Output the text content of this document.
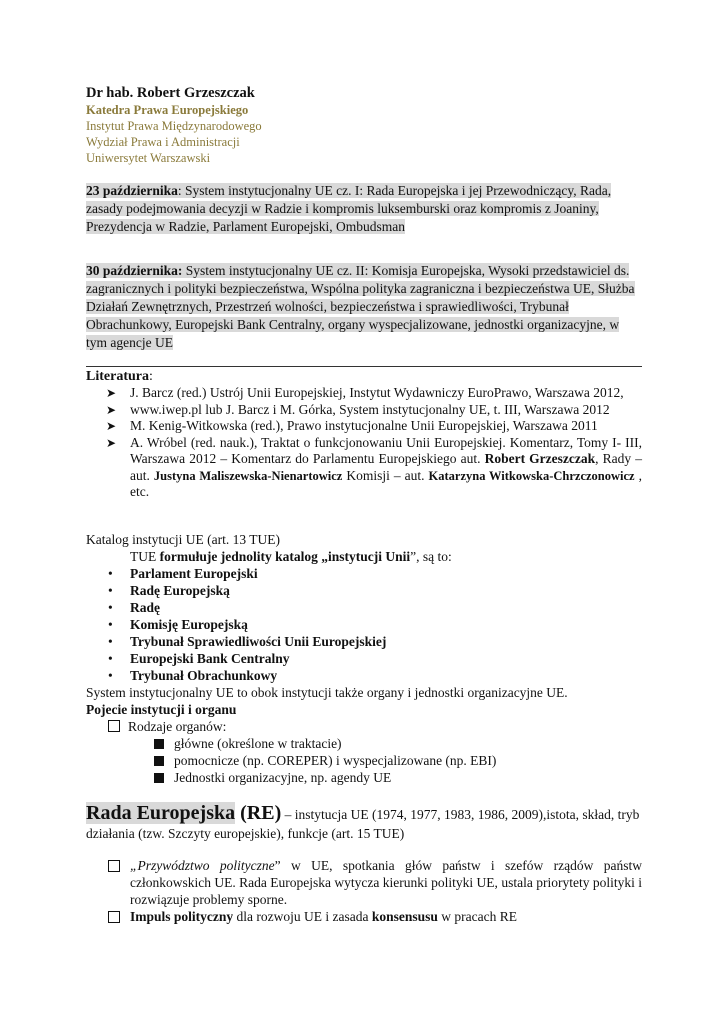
Dr hab. Robert Grzeszczak
Katedra Prawa Europejskiego
Instytut Prawa Międzynarodowego
Wydział Prawa i Administracji
Uniwersytet Warszawski
23 października: System instytucjonalny UE cz. I: Rada Europejska i jej Przewodniczący, Rada, zasady podejmowania decyzji w Radzie i kompromis luksemburski oraz kompromis z Joaniny, Prezydencja w Radzie, Parlament Europejski, Ombudsman
30 października: System instytucjonalny UE cz. II: Komisja Europejska, Wysoki przedstawiciel ds. zagranicznych i polityki bezpieczeństwa, Wspólna polityka zagraniczna i bezpieczeństwa UE, Służba Działań Zewnętrznych, Przestrzeń wolności, bezpieczeństwa i sprawiedliwości, Trybunał Obrachunkowy, Europejski Bank Centralny, organy wyspecjalizowane, jednostki organizacyjne, w tym agencje UE
Literatura:
➤ J. Barcz (red.) Ustrój Unii Europejskiej, Instytut Wydawniczy EuroPrawo, Warszawa 2012,
➤ www.iwep.pl lub J. Barcz i M. Górka, System instytucjonalny UE, t. III, Warszawa 2012
➤ M. Kenig-Witkowska (red.), Prawo instytucjonalne Unii Europejskiej, Warszawa 2011
➤ A. Wróbel (red. nauk.), Traktat o funkcjonowaniu Unii Europejskiej. Komentarz, Tomy I- III, Warszawa 2012 – Komentarz do Parlamentu Europejskiego aut. Robert Grzeszczak, Rady – aut. Justyna Maliszewska-Nienartowicz Komisji – aut. Katarzyna Witkowska-Chrzczonowicz , etc.
Katalog instytucji UE (art. 13 TUE)
TUE formułuje jednolity katalog „instytucji Unii”, są to:
• Parlament Europejski
• Radę Europejską
• Radę
• Komisję Europejską
• Trybunał Sprawiedliwości Unii Europejskiej
• Europejski Bank Centralny
• Trybunał Obrachunkowy
System instytucjonalny UE to obok instytucji także organy i jednostki organizacyjne UE.
Pojecie instytucji i organu
Rodzaje organów:
główne (określone w traktacie)
pomocnicze (np. COREPER) i wyspecjalizowane (np. EBI)
Jednostki organizacyjne, np. agendy UE
Rada Europejska (RE) – instytucja UE (1974, 1977, 1983, 1986, 2009),istota, skład, tryb działania (tzw. Szczyty europejskie), funkcje (art. 15 TUE)
„Przywództwo polityczne” w UE, spotkania głów państw i szefów rządów państw członkowskich UE. Rada Europejska wytycza kierunki polityki UE, ustala priorytety polityki i rozwiązuje problemy sporne.
Impuls polityczny dla rozwoju UE i zasada konsensusu w pracach RE
